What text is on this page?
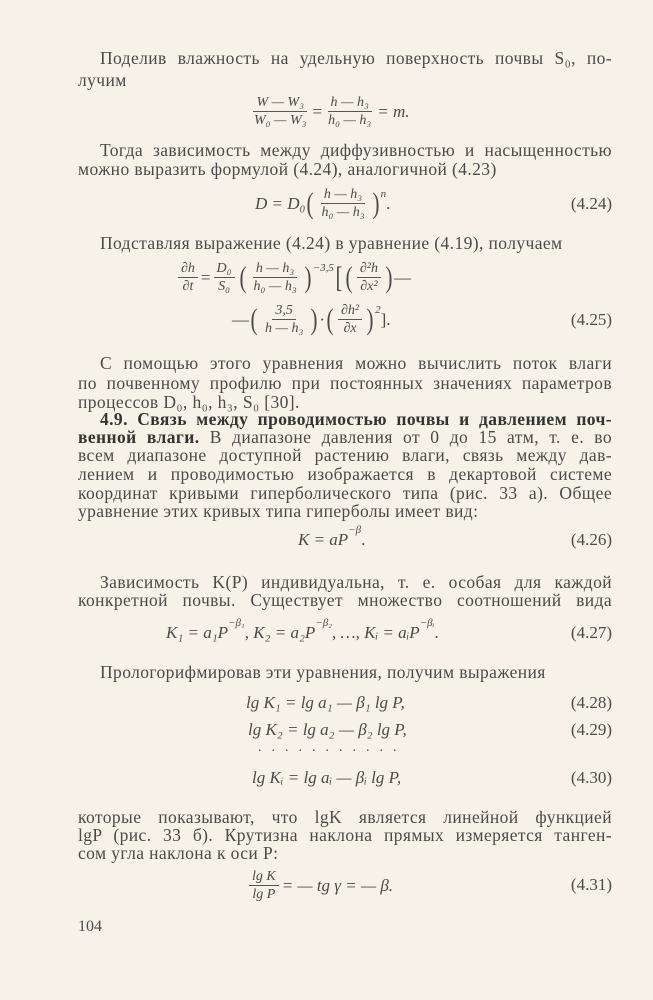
Поделив влажность на удельную поверхность почвы S₀, по-
лучим
$\frac{\text{W — W₃}}{\text{W₀ — W₃}} = \frac{\text{h — h₃}}{\text{h₀ — h₃}} = m$.
Тогда зависимость между диффузивностью и насыщенностью
можно выразить формулой (4.24), аналогичной (4.23)
D = D₀ ( $\frac{\text{h — h₃}}{\text{h₀ — h₃}}$ ) n .	(4.24)
Подставляя выражение (4.24) в уравнение (4.19), получаем
$\frac{\partial h}{\partial t} = \frac{\text{D₀}}{\text{S₀}}$ ( $\frac{\text{h — h₃}}{\text{h₀ — h₃}}$ ) −3,5 [ ( $\frac{\text{∂²h}}{\text{∂x²}}$ ) —
— ( $\frac{3,5}{\text{h — h₃}}$ ) · ( $\frac{\text{∂h²}}{\partial x}$ ) 2 ].	(4.25)
С помощью этого уравнения можно вычислить поток влаги
по почвенному профилю при постоянных значениях параметров
процессов D₀, h₀, h₃, S₀ [30].
4.9. Связь между проводимостью почвы и давлением поч-
венной влаги. В диапазоне давления от 0 до 15 атм, т. е. во
всем диапазоне доступной растению влаги, связь между дав-
лением и проводимостью изображается в декартовой системе
координат кривыми гиперболического типа (рис. 33 а). Общее
уравнение этих кривых типа гиперболы имеет вид:
K = aP −β .	(4.26)
Зависимость K(P) индивидуальна, т. е. особая для каждой
конкретной почвы. Существует множество соотношений вида
K₁ = a₁P −β₁ , K₂ = a₂P −β₂ , …, Kᵢ = aᵢP −βᵢ .	(4.27)
Прологорифмировав эти уравнения, получим выражения
lg K₁ = lg a₁ — β₁ lg P,	(4.28)
lg K₂ = lg a₂ — β₂ lg P,	(4.29)
...........
lg Kᵢ = lg aᵢ — βᵢ lg P,	(4.30)
которые показывают, что lgK является линейной функцией
lgP (рис. 33 б). Крутизна наклона прямых измеряется танген-
сом угла наклона к оси P:
$\frac{\text{lg K}}{\text{lg P}}$ = — tg γ = — β.	(4.31)
104
